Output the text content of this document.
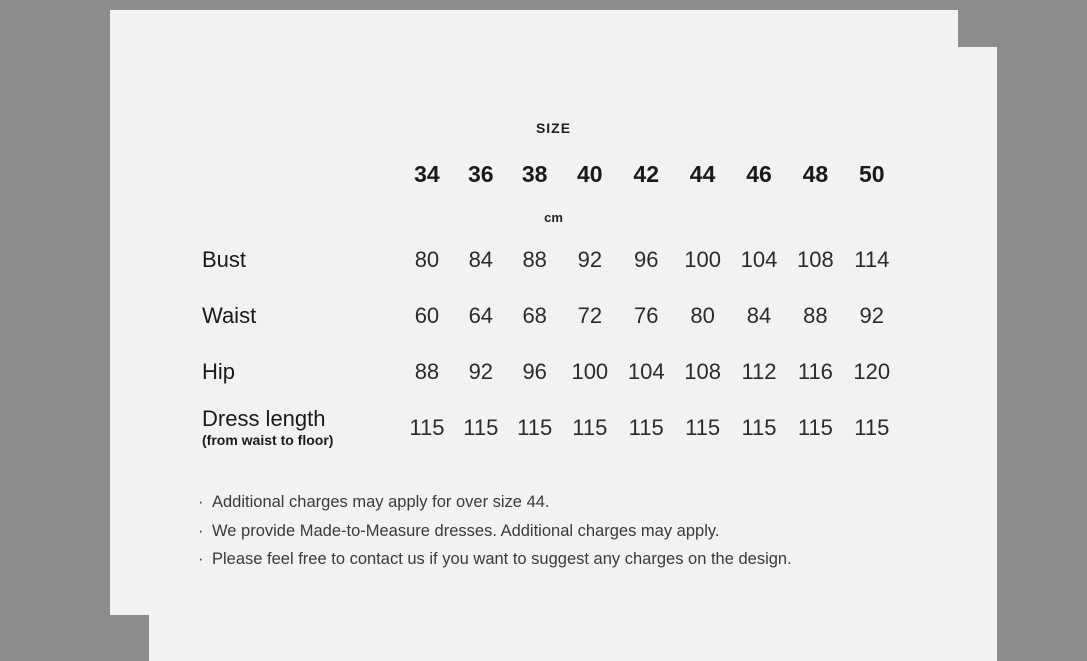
SIZE
cm
	34	36	38	40	42	44	46	48	50

Bust	80	84	88	92	96	100	104	108	114

Waist	60	64	68	72	76	80	84	88	92

Hip	88	92	96	100	104	108	112	116	120

Dress length
(from waist to floor)	115	115	115	115	115	115	115	115	115
· Additional charges may apply for over size 44.
· We provide Made-to-Measure dresses. Additional charges may apply.
· Please feel free to contact us if you want to suggest any charges on the design.
